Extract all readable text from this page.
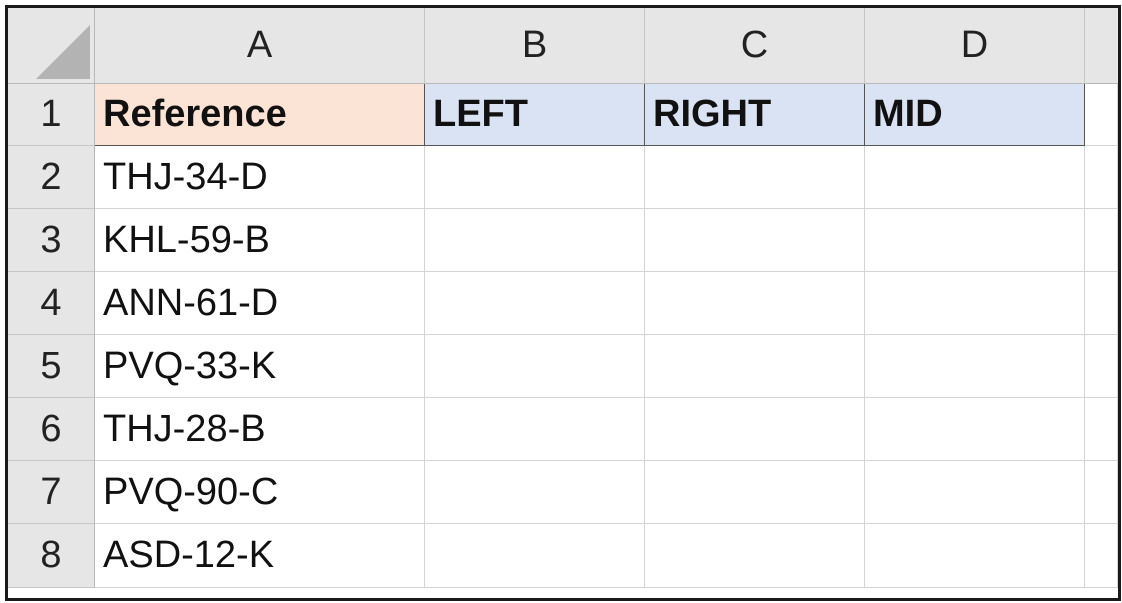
A	B	C	D
1	Reference	LEFT	RIGHT	MID
2	THJ-34-D
3	KHL-59-B
4	ANN-61-D
5	PVQ-33-K
6	THJ-28-B
7	PVQ-90-C
8	ASD-12-K
